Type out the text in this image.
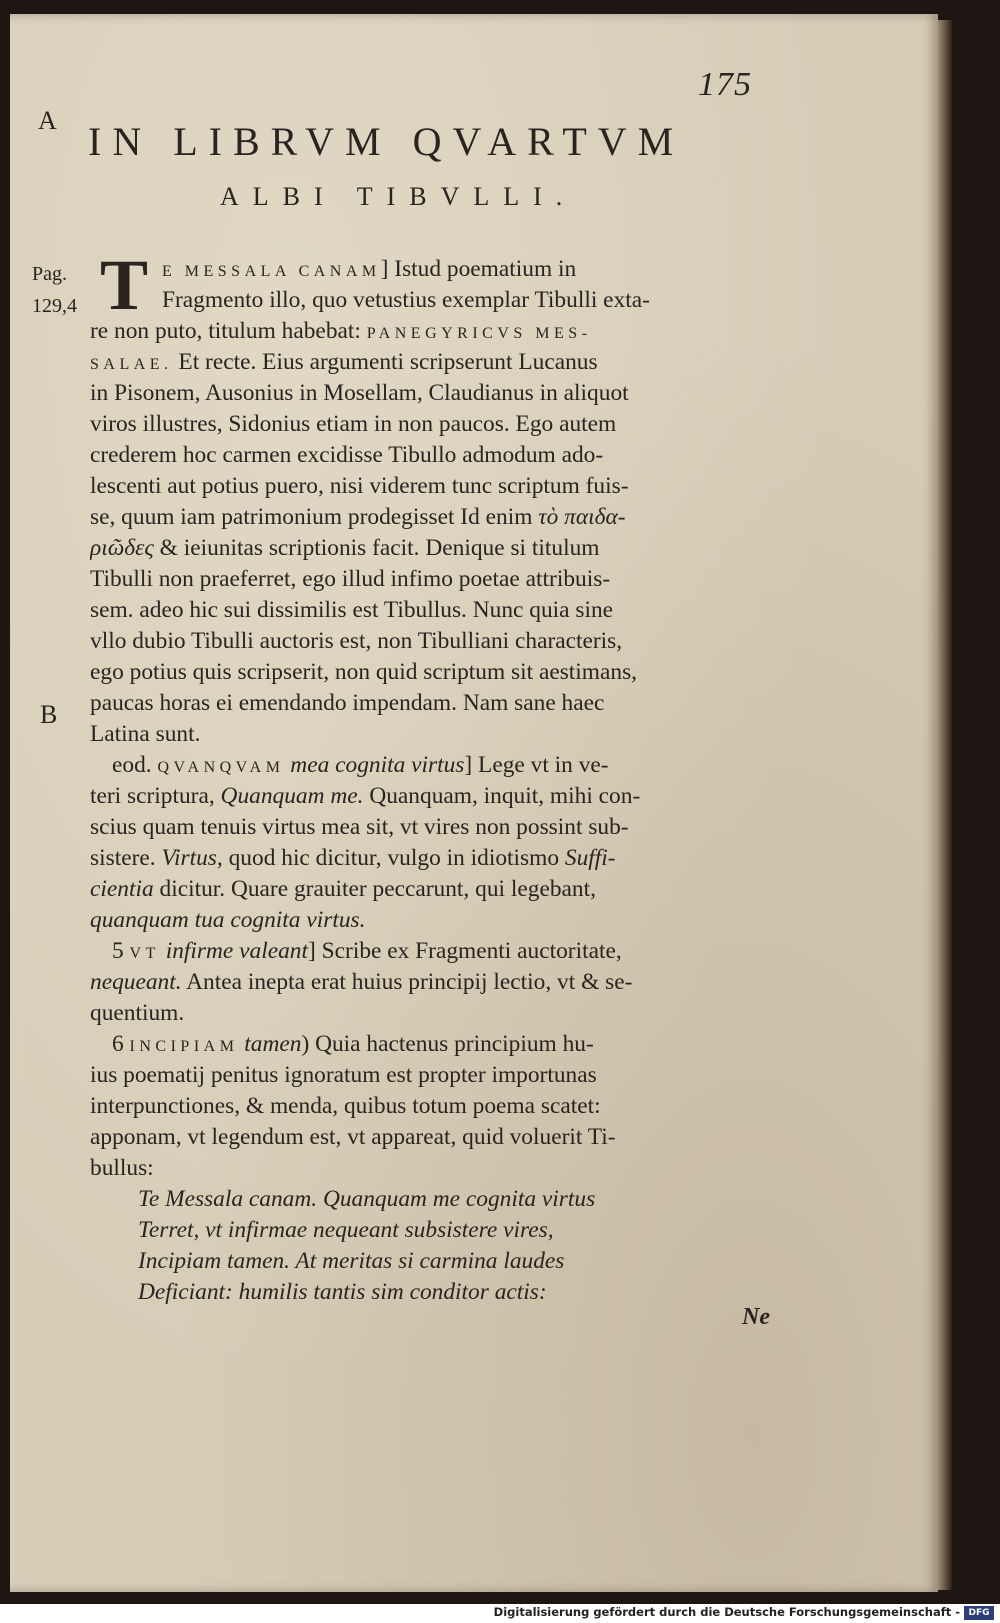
175
A
B
IN LIBRVM QVARTVM
ALBI TIBVLLI.
Pag.
129,4 T E MESSALA CANAM] Istud poematium in
Fragmento illo, quo vetustius exemplar Tibulli exta-
re non puto, titulum habebat: PANEGYRICVS MES-
SALAE. Et recte. Eius argumenti scripserunt Lucanus
in Pisonem, Ausonius in Mosellam, Claudianus in aliquot
viros illustres, Sidonius etiam in non paucos. Ego autem
crederem hoc carmen excidisse Tibullo admodum ado-
lescenti aut potius puero, nisi viderem tunc scriptum fuis-
se, quum iam patrimonium prodegisset Id enim τὸ παιδα-
ριῶδες & ieiunitas scriptionis facit. Denique si titulum
Tibulli non praeferret, ego illud infimo poetae attribuis-
sem. adeo hic sui dissimilis est Tibullus. Nunc quia sine
vllo dubio Tibulli auctoris est, non Tibulliani characteris,
ego potius quis scripserit, non quid scriptum sit aestimans,
paucas horas ei emendando impendam. Nam sane haec
Latina sunt.
eod. QVANQVAM mea cognita virtus] Lege vt in ve-
teri scriptura, Quanquam me. Quanquam, inquit, mihi con-
scius quam tenuis virtus mea sit, vt vires non possint sub-
sistere. Virtus, quod hic dicitur, vulgo in idiotismo Suffi-
cientia dicitur. Quare grauiter peccarunt, qui legebant,
quanquam tua cognita virtus.
5 VT infirme valeant] Scribe ex Fragmenti auctoritate,
nequeant. Antea inepta erat huius principij lectio, vt & se-
quentium.
6 INCIPIAM tamen) Quia hactenus principium hu-
ius poematij penitus ignoratum est propter importunas
interpunctiones, & menda, quibus totum poema scatet:
apponam, vt legendum est, vt appareat, quid voluerit Ti-
bullus:
Te Messala canam. Quanquam me cognita virtus
Terret, vt infirmae nequeant subsistere vires,
Incipiam tamen. At meritas si carmina laudes
Deficiant: humilis tantis sim conditor actis:
Ne
Digitalisierung gefördert durch die Deutsche Forschungsgemeinschaft - DFG
